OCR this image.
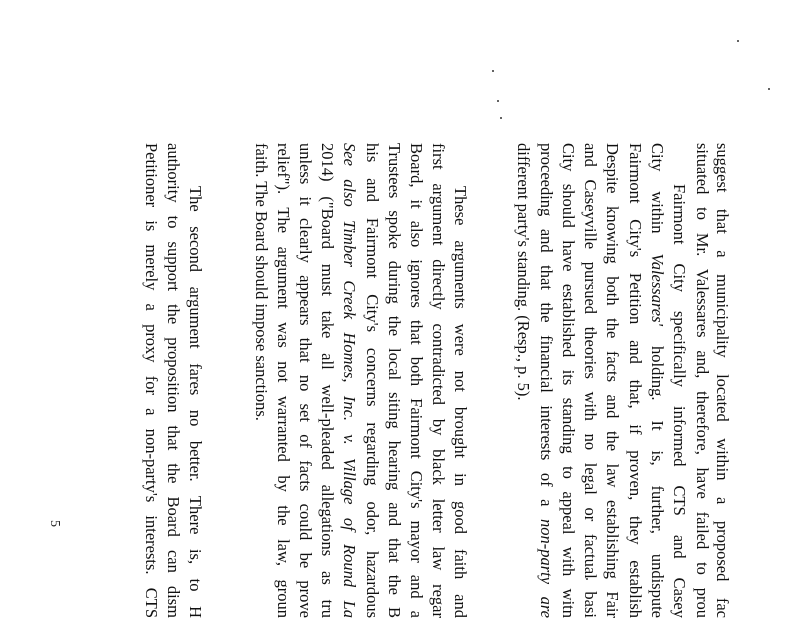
suggest that a municipality located within a proposed fac
situated to Mr. Valessares and, therefore, have failed to prou
Fairmont City specifically informed CTS and Casey
City within Valessares' holding. It is, further, undispute
Fairmont City's Petition and that, if proven, they establish
Despite knowing both the facts and the law establishing Fair
and Caseyville pursued theories with no legal or factual basi
City should have established its standing to appeal with witn
proceeding and that the financial interests of a non-party are
different party's standing. (Resp., p. 5).
These arguments were not brought in good faith and
first argument directly contradicted by black letter law regar
Board, it also ignores that both Fairmont City's mayor and a
Trustees spoke during the local siting hearing and that the B
his and Fairmont City's concerns regarding odor, hazardous
See also Timber Creek Homes, Inc. v. Village of Round La
2014) ("Board must take all well-pleaded allegations as tru
unless it clearly appears that no set of facts could be prove
relief"). The argument was not warranted by the law, groun
faith. The Board should impose sanctions.
The second argument fares no better. There is, to H
authority to support the proposition that the Board can dism
Petitioner is merely a proxy for a non-party's interests. CTS
5
